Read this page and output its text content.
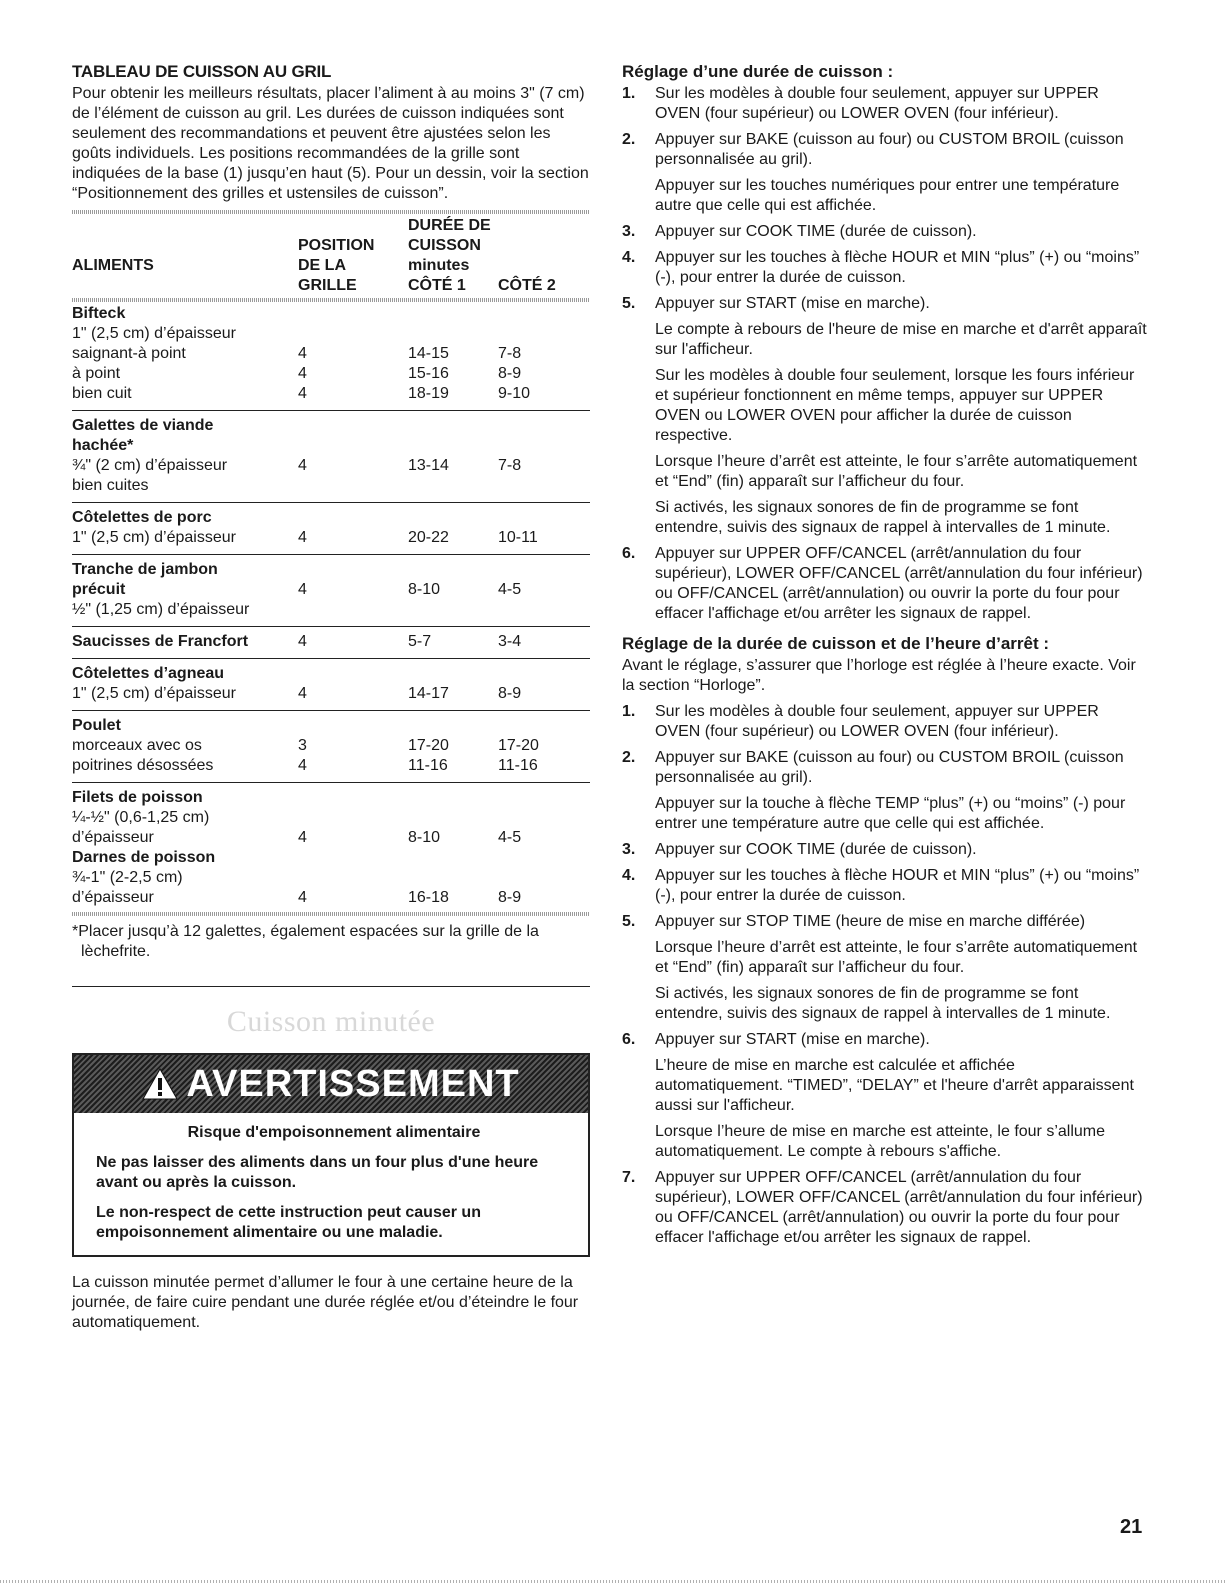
TABLEAU DE CUISSON AU GRIL

Pour obtenir les meilleurs résultats, placer l’aliment à au moins 3" (7 cm) de l’élément de cuisson au gril. Les durées de cuisson indiquées sont seulement des recommandations et peuvent être ajustées selon les goûts individuels. Les positions recommandées de la grille sont indiquées de la base (1) jusqu’en haut (5). Pour un dessin, voir la section “Positionnement des grilles et ustensiles de cuisson”.

		DURÉE DE	
	POSITION	CUISSON	
ALIMENTS	DE LA	minutes	
	GRILLE	CÔTÉ 1	CÔTÉ 2
Bifteck			
1" (2,5 cm) d’épaisseur			
saignant-à point	4	14-15	7-8
à point	4	15-16	8-9
bien cuit	4	18-19	9-10
Galettes de viande			
hachée*			
¾" (2 cm) d’épaisseur	4	13-14	7-8
bien cuites			
Côtelettes de porc			
1" (2,5 cm) d’épaisseur	4	20-22	10-11
Tranche de jambon			
précuit	4	8-10	4-5
½" (1,25 cm) d’épaisseur			
Saucisses de Francfort	4	5-7	3-4
Côtelettes d’agneau			
1" (2,5 cm) d’épaisseur	4	14-17	8-9
Poulet			
morceaux avec os	3	17-20	17-20
poitrines désossées	4	11-16	11-16
Filets de poisson			
¼-½" (0,6-1,25 cm)			
d’épaisseur	4	8-10	4-5
Darnes de poisson			
¾-1" (2-2,5 cm)			
d’épaisseur	4	16-18	8-9

*Placer jusqu’à 12 galettes, également espacées sur la grille de la lèchefrite.

Cuisson minutée
AVERTISSEMENT

Risque d'empoisonnement alimentaire

Ne pas laisser des aliments dans un four plus d'une heure avant ou après la cuisson.

Le non-respect de cette instruction peut causer un empoisonnement alimentaire ou une maladie.

La cuisson minutée permet d’allumer le four à une certaine heure de la journée, de faire cuire pendant une durée réglée et/ou d’éteindre le four automatiquement.

Réglage d’une durée de cuisson :
1. Sur les modèles à double four seulement, appuyer sur UPPER OVEN (four supérieur) ou LOWER OVEN (four inférieur).
2. Appuyer sur BAKE (cuisson au four) ou CUSTOM BROIL (cuisson personnalisée au gril).
Appuyer sur les touches numériques pour entrer une température autre que celle qui est affichée.
3. Appuyer sur COOK TIME (durée de cuisson).
4. Appuyer sur les touches à flèche HOUR et MIN “plus” (+) ou “moins” (-), pour entrer la durée de cuisson.
5. Appuyer sur START (mise en marche).
Le compte à rebours de l'heure de mise en marche et d'arrêt apparaît sur l'afficheur.
Sur les modèles à double four seulement, lorsque les fours inférieur et supérieur fonctionnent en même temps, appuyer sur UPPER OVEN ou LOWER OVEN pour afficher la durée de cuisson respective.
Lorsque l’heure d’arrêt est atteinte, le four s’arrête automatiquement et “End” (fin) apparaît sur l’afficheur du four.
Si activés, les signaux sonores de fin de programme se font entendre, suivis des signaux de rappel à intervalles de 1 minute.
6. Appuyer sur UPPER OFF/CANCEL (arrêt/annulation du four supérieur), LOWER OFF/CANCEL (arrêt/annulation du four inférieur) ou OFF/CANCEL (arrêt/annulation) ou ouvrir la porte du four pour effacer l'affichage et/ou arrêter les signaux de rappel.
Réglage de la durée de cuisson et de l’heure d’arrêt :

Avant le réglage, s’assurer que l’horloge est réglée à l’heure exacte. Voir la section “Horloge”.

1. Sur les modèles à double four seulement, appuyer sur UPPER OVEN (four supérieur) ou LOWER OVEN (four inférieur).
2. Appuyer sur BAKE (cuisson au four) ou CUSTOM BROIL (cuisson personnalisée au gril).
Appuyer sur la touche à flèche TEMP “plus” (+) ou “moins” (-) pour entrer une température autre que celle qui est affichée.
3. Appuyer sur COOK TIME (durée de cuisson).
4. Appuyer sur les touches à flèche HOUR et MIN “plus” (+) ou “moins” (-), pour entrer la durée de cuisson.
5. Appuyer sur STOP TIME (heure de mise en marche différée)
Lorsque l’heure d’arrêt est atteinte, le four s’arrête automatiquement et “End” (fin) apparaît sur l’afficheur du four.
Si activés, les signaux sonores de fin de programme se font entendre, suivis des signaux de rappel à intervalles de 1 minute.
6. Appuyer sur START (mise en marche).
L’heure de mise en marche est calculée et affichée automatiquement. “TIMED”, “DELAY” et l'heure d'arrêt apparaissent aussi sur l'afficheur.
Lorsque l’heure de mise en marche est atteinte, le four s’allume automatiquement. Le compte à rebours s'affiche.
7. Appuyer sur UPPER OFF/CANCEL (arrêt/annulation du four supérieur), LOWER OFF/CANCEL (arrêt/annulation du four inférieur) ou OFF/CANCEL (arrêt/annulation) ou ouvrir la porte du four pour effacer l'affichage et/ou arrêter les signaux de rappel.
21
